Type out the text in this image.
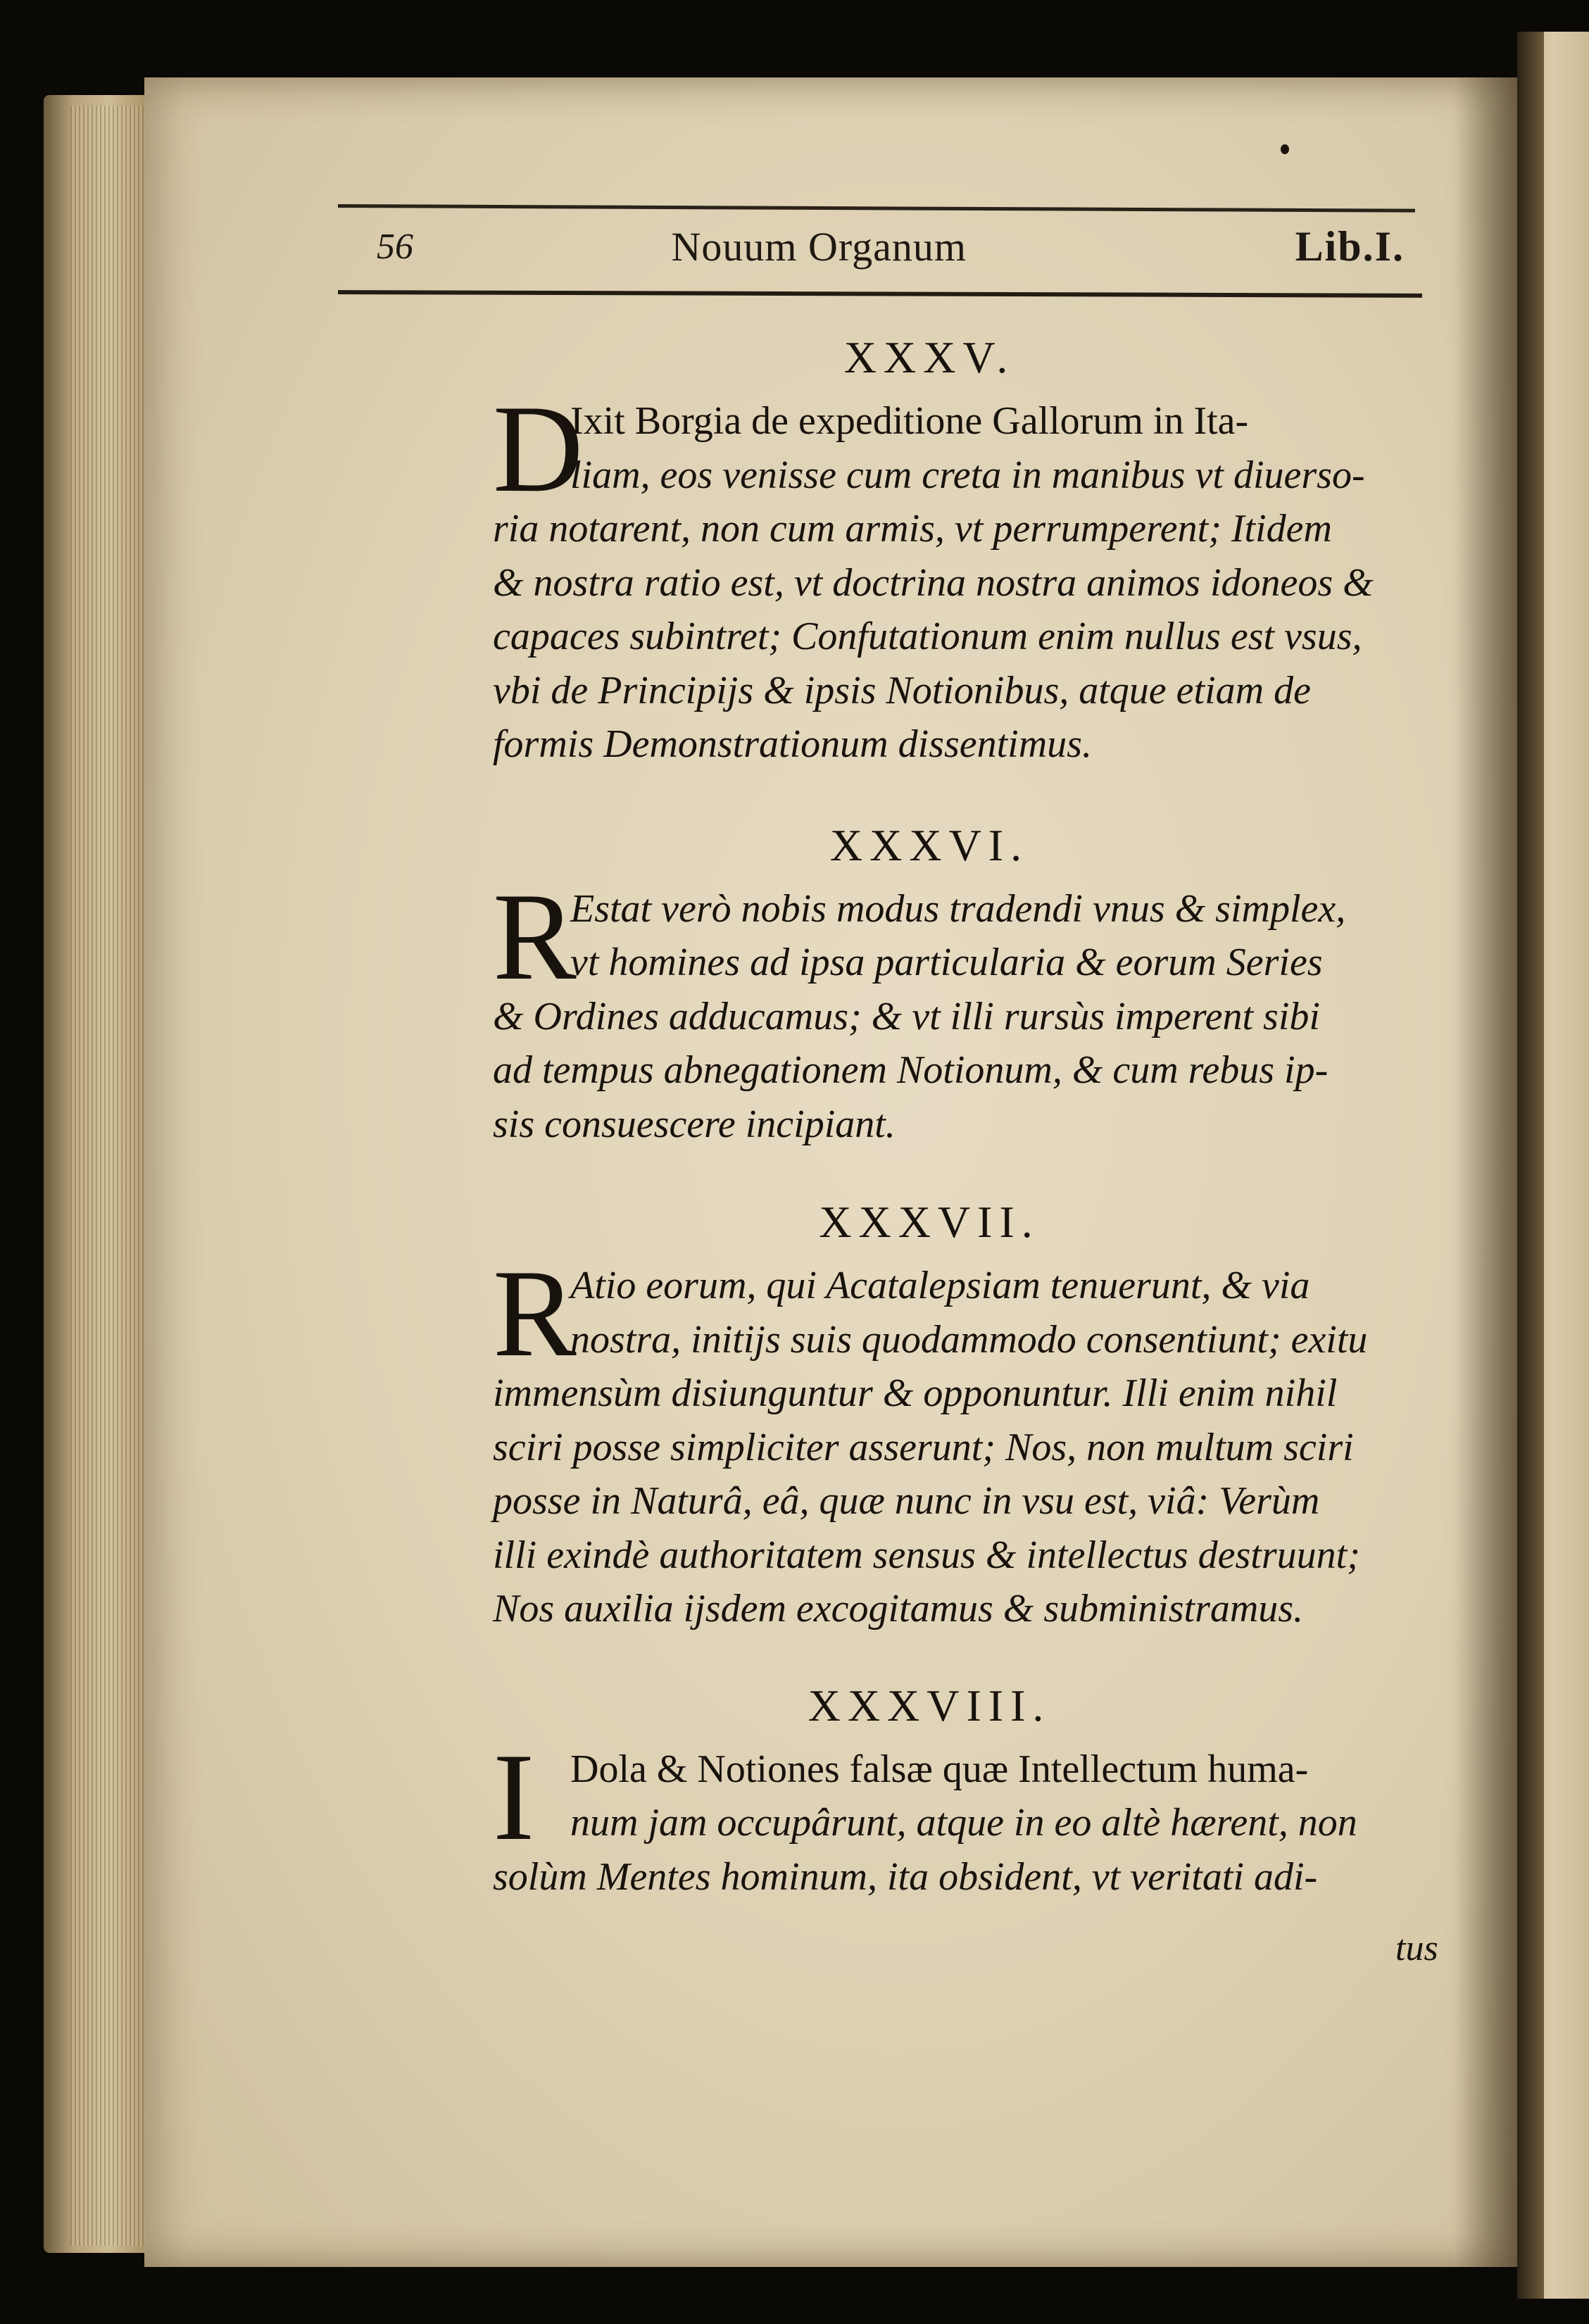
56	Nouum Organum	Lib.I.
XXXV.
D
Ixit Borgia de expeditione Gallorum in Ita-
liam, eos venisse cum creta in manibus vt diuerso-
ria notarent, non cum armis, vt perrumperent; Itidem
& nostra ratio est, vt doctrina nostra animos idoneos &
capaces subintret; Confutationum enim nullus est vsus,
vbi de Principijs & ipsis Notionibus, atque etiam de
formis Demonstrationum dissentimus.
XXXVI.
R
Estat verò nobis modus tradendi vnus & simplex,
vt homines ad ipsa particularia & eorum Series
& Ordines adducamus; & vt illi rursùs imperent sibi
ad tempus abnegationem Notionum, & cum rebus ip-
sis consuescere incipiant.
XXXVII.
R
Atio eorum, qui Acatalepsiam tenuerunt, & via
nostra, initijs suis quodammodo consentiunt; exitu
immensùm disiunguntur & opponuntur. Illi enim nihil
sciri posse simpliciter asserunt; Nos, non multum sciri
posse in Naturâ, eâ, quæ nunc in vsu est, viâ: Verùm
illi exindè authoritatem sensus & intellectus destruunt;
Nos auxilia ijsdem excogitamus & subministramus.
XXXVIII.
I Dola & Notiones falsæ quæ Intellectum huma-
num jam occupârunt, atque in eo altè hærent, non
solùm Mentes hominum, ita obsident, vt veritati adi-
tus
